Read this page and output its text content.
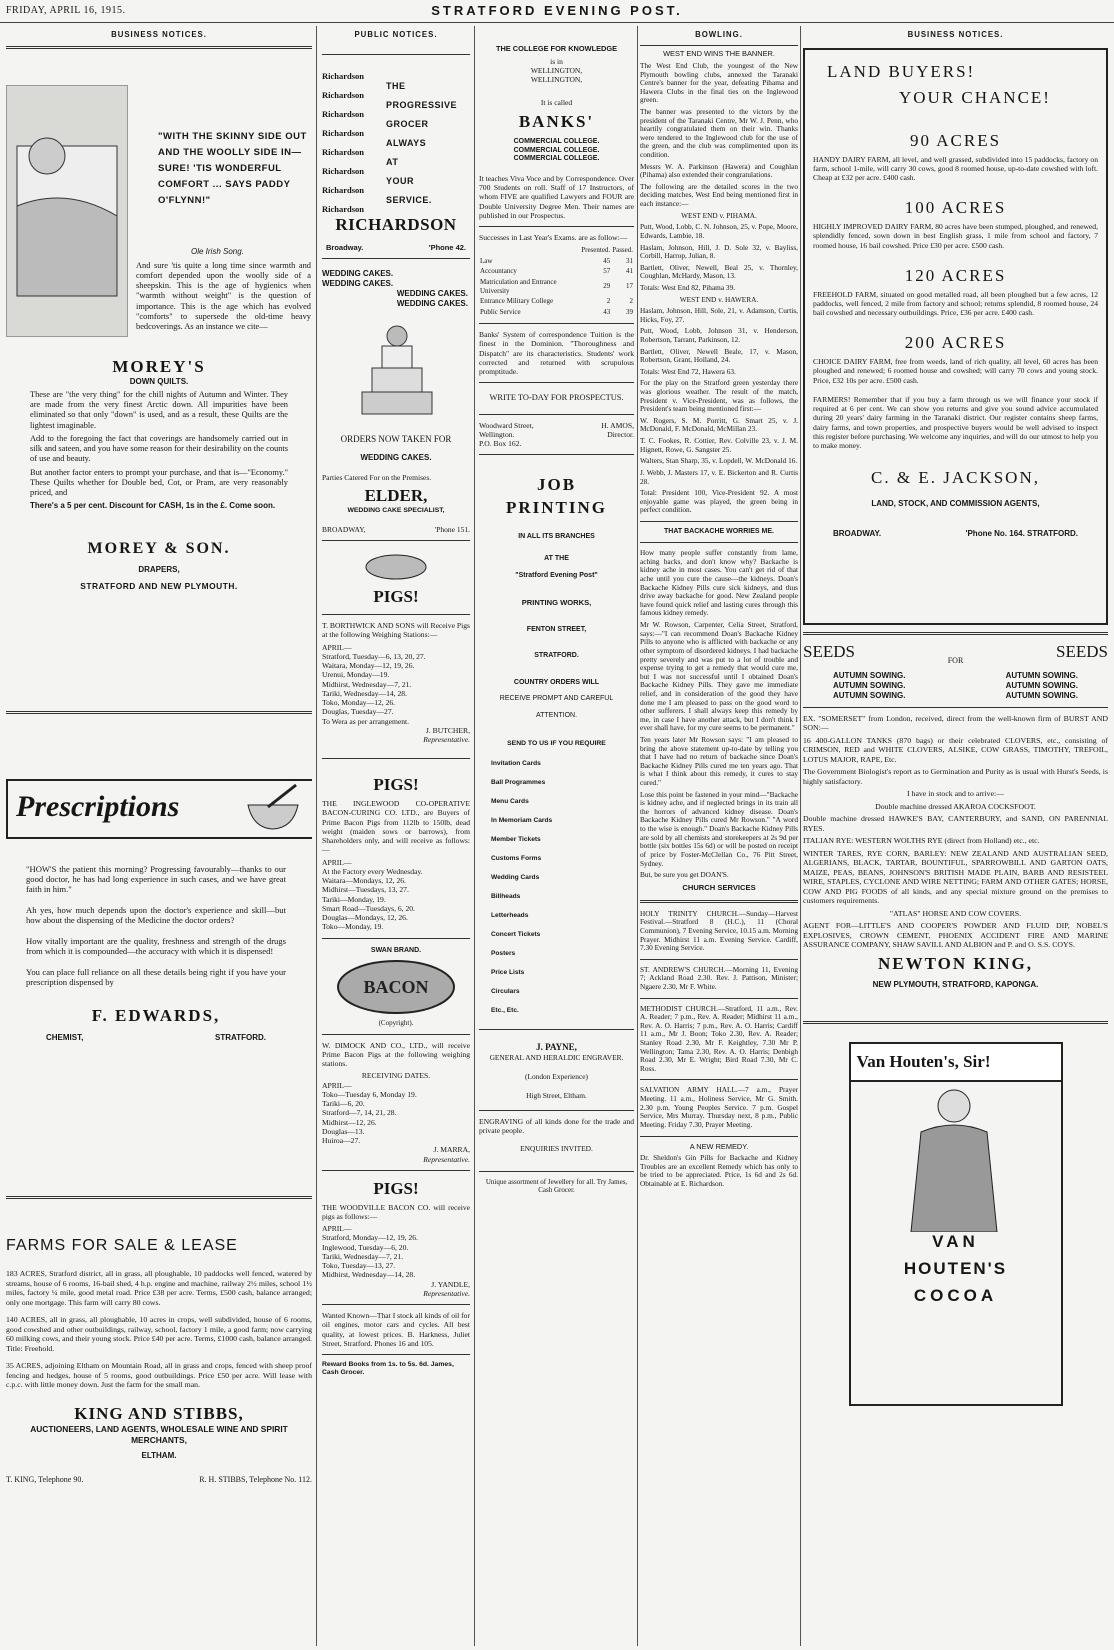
FRIDAY, APRIL 16, 1915.	STRATFORD EVENING POST.
BUSINESS NOTICES.
"WITH THE SKINNY SIDE OUT AND THE WOOLLY SIDE IN—SURE! 'TIS WONDERFUL COMFORT ... SAYS PADDY O'FLYNN!"
Ole Irish Song.

And sure 'tis quite a long time since warmth and comfort depended upon the woolly side of a sheepskin. This is the age of hygienics when "warmth without weight" is the question of importance. This is the age which has evolved "comforts" to supersede the old-time heavy bedcoverings. As an instance we cite—

MOREY'S
DOWN QUILTS.

These are "the very thing" for the chill nights of Autumn and Winter. They are made from the very finest Arctic down. All impurities have been eliminated so that only "down" is used, and as a result, these Quilts are the lightest imaginable.

Add to the foregoing the fact that coverings are handsomely carried out in silk and sateen, and you have some reason for their desirability on the counts of use and beauty.

But another factor enters to prompt your purchase, and that is—"Economy." These Quilts whether for Double bed, Cot, or Pram, are very reasonably priced, and

There's a 5 per cent. Discount for CASH, 1s in the £. Come soon.

MOREY & SON.
DRAPERS,
STRATFORD AND NEW PLYMOUTH.
Prescriptions

"HOW'S the patient this morning? Progressing favourably—thanks to our good doctor, he has had long experience in such cases, and we have great faith in him."

Ah yes, how much depends upon the doctor's experience and skill—but how about the dispensing of the Medicine the doctor orders?

How vitally important are the quality, freshness and strength of the drugs from which it is compounded—the accuracy with which it is dispensed!

You can place full reliance on all these details being right if you have your prescription dispensed by

F. EDWARDS,
CHEMIST,	STRATFORD.
FARMS FOR SALE & LEASE

183 ACRES, Stratford district, all in grass, all ploughable, 10 paddocks well fenced, watered by streams, house of 6 rooms, 16-bail shed, 4 h.p. engine and machine, railway 2½ miles, school 1½ miles, factory ¼ mile, good metal road. Price £38 per acre. Terms, £500 cash, balance arranged; only one mortgage. This farm will carry 80 cows.

140 ACRES, all in grass, all ploughable, 10 acres in crops, well subdivided, house of 6 rooms, good cowshed and other outbuildings, railway, school, factory 1 mile, a good farm; now carrying 60 milking cows, and their young stock. Price £40 per acre. Terms, £1000 cash, balance arranged. Title: Freehold.

35 ACRES, adjoining Eltham on Mountain Road, all in grass and crops, fenced with sheep proof fencing and hedges, house of 5 rooms, good outbuildings. Price £50 per acre. Will lease with c.p.c. with little money down. Just the farm for the small man.

KING AND STIBBS,
AUCTIONEERS, LAND AGENTS, WHOLESALE WINE AND SPIRIT MERCHANTS,
ELTHAM.
T. KING, Telephone 90.	R. H. STIBBS, Telephone No. 112.
PUBLIC NOTICES.
Richardson
Richardson
Richardson
Richardson
Richardson
Richardson
Richardson
Richardson
THE
PROGRESSIVE
GROCER
ALWAYS
AT
YOUR
SERVICE.
RICHARDSON
Broadway.	'Phone 42.
WEDDING CAKES. WEDDING CAKES.
WEDDING CAKES. WEDDING CAKES.
ORDERS NOW TAKEN FOR
WEDDING CAKES.
Parties Catered For on the Premises.
ELDER,
WEDDING CAKE SPECIALIST,
BROADWAY,	'Phone 151.
PIGS!

T. BORTHWICK AND SONS will Receive Pigs at the following Weighing Stations:—

APRIL—
Stratford, Tuesday—6, 13, 20, 27.
Waitara, Monday—12, 19, 26.
Urenui, Monday—19.
Midhirst, Wednesday—7, 21.
Tariki, Wednesday—14, 28.
Toko, Monday—12, 26.
Douglas, Tuesday—27.
To Wera as per arrangement.
J. BUTCHER,
Representative.
PIGS!

THE INGLEWOOD CO-OPERATIVE BACON-CURING CO. LTD., are Buyers of Prime Bacon Pigs from 112lb to 150lb, dead weight (maiden sows or barrows), from Shareholders only, and will receive as follows:—

APRIL—
At the Factory every Wednesday.
Waitara—Mondays, 12, 26.
Midhirst—Tuesdays, 13, 27.
Tariki—Monday, 19.
Smart Road—Tuesdays, 6, 20.
Douglas—Mondays, 12, 26.
Toko—Monday, 19.
SWAN BRAND.
BACON
(Copyright).

W. DIMOCK AND CO., LTD., will receive Prime Bacon Pigs at the following weighing stations.

RECEIVING DATES.
APRIL—
Toko—Tuesday 6, Monday 19.
Tariki—6, 20.
Stratford—7, 14, 21, 28.
Midhirst—12, 26.
Douglas—13.
Huiroa—27.
J. MARRA,
Representative.
PIGS!

THE WOODVILLE BACON CO. will receive pigs as follows:—

APRIL—
Stratford, Monday—12, 19, 26.
Inglewood, Tuesday—6, 20.
Tariki, Wednesday—7, 21.
Toko, Tuesday—13, 27.
Midhirst, Wednesday—14, 28.
J. YANDLE,
Representative.

Wanted Known—That I stock all kinds of oil for oil engines, motor cars and cycles. All best quality, at lowest prices. B. Harkness, Juliet Street, Stratford. Phones 16 and 105.

Reward Books from 1s. to 5s. 6d. James, Cash Grocer.
THE COLLEGE FOR KNOWLEDGE
is in
WELLINGTON,
WELLINGTON,
It is called
BANKS'
COMMERCIAL COLLEGE.
COMMERCIAL COLLEGE.
COMMERCIAL COLLEGE.

It teaches Viva Voce and by Correspondence. Over 700 Students on roll. Staff of 17 Instructors, of whom FIVE are qualified Lawyers and FOUR are Double University Degree Men. Their names are published in our Prospectus.

Successes in Last Year's Exams. are as follow:—

	Presented.	Passed.
Law	45	31
Accountancy	57	41
Matriculation and Entrance University	29	17
Entrance Military College	2	2
Public Service	43	39

Banks' System of correspondence Tuition is the finest in the Dominion. "Thoroughness and Dispatch" are its characteristics. Students' work corrected and returned with scrupulous promptitude.

WRITE TO-DAY FOR PROSPECTUS.
Woodward Street,
Wellington.
P.O. Box 162.
H. AMOS,
Director.
JOB
PRINTING
IN ALL ITS BRANCHES
AT THE
"Stratford Evening Post"
PRINTING WORKS,
FENTON STREET,
STRATFORD.
COUNTRY ORDERS WILL
RECEIVE PROMPT AND CAREFUL
ATTENTION.
SEND TO US IF YOU REQUIRE
Invitation Cards
Ball Programmes
Menu Cards
In Memoriam Cards
Member Tickets
Customs Forms
Wedding Cards
Billheads
Letterheads
Concert Tickets
Posters
Price Lists
Circulars
Etc., Etc.
J. PAYNE,
GENERAL AND HERALDIC ENGRAVER.
(London Experience)
High Street, Eltham.

ENGRAVING of all kinds done for the trade and private people.

ENQUIRIES INVITED.
Unique assortment of Jewellery for all. Try James, Cash Grocer.
BOWLING.
WEST END WINS THE BANNER.

The West End Club, the youngest of the New Plymouth bowling clubs, annexed the Taranaki Centre's banner for the year, defeating Pihama and Hawera Clubs in the final ties on the Inglewood green.

The banner was presented to the victors by the president of the Taranaki Centre, Mr W. J. Penn, who heartily congratulated them on their win. Thanks were tendered to the Inglewood club for the use of the green, and the club was complimented upon its condition.

Messrs W. A. Parkinson (Hawera) and Coughlan (Pihama) also extended their congratulations.

The following are the detailed scores in the two deciding matches, West End being mentioned first in each instance:—

WEST END v. PIHAMA.

Putt, Wood, Lobb, C. N. Johnson, 25, v. Pope, Moore, Edwards, Lambie, 18.

Haslam, Johnson, Hill, J. D. Sole 32, v. Bayliss, Corbill, Harrop, Julian, 8.

Bartlett, Oliver, Newell, Beal 25, v. Thornley, Coughlan, McHardy, Mason, 13.

Totals: West End 82, Pihama 39.

WEST END v. HAWERA.

Haslam, Johnson, Hill, Sole, 21, v. Adamson, Curtis, Hicks, Foy, 27.

Putt, Wood, Lobb, Johnson 31, v. Henderson, Robertson, Tarrant, Parkinson, 12.

Bartlett, Oliver, Newell Beale, 17, v. Mason, Robertson, Grant, Holland, 24.

Totals: West End 72, Hawera 63.

For the play on the Stratford green yesterday there was glorious weather. The result of the match, President v. Vice-President, was as follows, the President's team being mentioned first:—

W. Rogers, S. M. Porritt, G. Smart 25, v. J. McDonald, F. McDonald, McMillan 23.

T. C. Fookes, R. Cottier, Rev. Colville 23, v. J. M. Hignett, Rowe, G. Sangster 25.

Walters, Stan Sharp, 35, v. Lopdell, W. McDonald 16.

J. Webb, J. Masters 17, v. E. Bickerton and R. Curtis 28.

Total: President 100, Vice-President 92. A most enjoyable game was played, the green being in perfect condition.

THAT BACKACHE WORRIES ME.

How many people suffer constantly from lame, aching backs, and don't know why? Backache is kidney ache in most cases. You can't get rid of that ache until you cure the cause—the kidneys. Doan's Backache Kidney Pills cure sick kidneys, and thus drive away backache for good. New Zealand people have found quick relief and lasting cures through this famous kidney remedy.

Mr W. Rowson, Carpenter, Celia Street, Stratford, says:—"I can recommend Doan's Backache Kidney Pills to anyone who is afflicted with backache or any other symptom of disordered kidneys. I had backache pretty severely and was put to a lot of trouble and expense trying to get a remedy that would cure me, but I was not successful until I obtained Doan's Backache Kidney Pills. They gave me immediate relief, and in consideration of the good they have done me I am pleased to pass on the good word to other sufferers. I shall always keep this remedy by me, in case I have another attack, but I don't think I ever shall have, for my cure seems to be permanent."

Ten years later Mr Rowson says: "I am pleased to bring the above statement up-to-date by telling you that I have had no return of backache since Doan's Backache Kidney Pills cured me ten years ago. That is what I think about this remedy, it cures to stay cured."

Lose this point be fastened in your mind—"Backache is kidney ache, and if neglected brings in its train all the horrors of advanced kidney disease. Doan's Backache Kidney Pills cured Mr Rowson." "A word to the wise is enough." Doan's Backache Kidney Pills are sold by all chemists and storekeepers at 2s 9d per bottle (six bottles 15s 6d) or will be posted on receipt of price by Foster-McClellan Co., 76 Pitt Street, Sydney.

But, be sure you get DOAN'S.

CHURCH SERVICES

HOLY TRINITY CHURCH.—Sunday—Harvest Festival.—Stratford 8 (H.C.), 11 (Choral Communion), 7 Evening Service, 10.15 a.m. Morning Prayer. Midhirst 11 a.m. Evening Service. Cardiff, 7.30 Evening Service.

ST. ANDREW'S CHURCH.—Morning 11, Evening 7; Ackland Road 2.30. Rev. J. Pattison, Minister; Ngaere 2.30, Mr F. White.

METHODIST CHURCH.—Stratford, 11 a.m., Rev. A. Reader; 7 p.m., Rev. A. Reader; Midhirst 11 a.m., Rev. A. O. Harris; 7 p.m., Rev. A. O. Harris; Cardiff 11 a.m., Mr J. Boon; Toko 2.30, Rev. A. Reader; Stanley Road 2.30, Mr F. Keightley, 7.30 Mr P. Wellington; Tama 2.30, Rev. A. O. Harris; Denbigh Road 2.30, Mr E. Wright; Bird Road 7.30, Mr C. Ross.

SALVATION ARMY HALL.—7 a.m., Prayer Meeting. 11 a.m., Holiness Service, Mr G. Smith. 2.30 p.m. Young Peoples Service. 7 p.m. Gospel Service, Mrs Murray. Thursday next, 8 p.m., Public Meeting. Friday 7.30, Prayer Meeting.

A NEW REMEDY.

Dr. Sheldon's Gin Pills for Backache and Kidney Troubles are an excellent Remedy which has only to be tried to be appreciated. Price, 1s 6d and 2s 6d. Obtainable at E. Richardson.

BUSINESS NOTICES.
LAND BUYERS!
YOUR CHANCE!
90 ACRES

HANDY DAIRY FARM, all level, and well grassed, subdivided into 15 paddocks, factory on farm, school 1-mile, will carry 30 cows, good 8 roomed house, up-to-date cowshed with loft. Cheap at £32 per acre. £400 cash.

100 ACRES

HIGHLY IMPROVED DAIRY FARM, 80 acres have been stumped, ploughed, and renewed, splendidly fenced, sown down in best English grass, 1 mile from school and factory, 7 roomed house, 16 bail cowshed. Price £30 per acre. £500 cash.

120 ACRES

FREEHOLD FARM, situated on good metalled road, all been ploughed but a few acres, 12 paddocks, well fenced, 2 mile from factory and school; returns splendid, 8 roomed house, 24 bail cowshed and necessary outbuildings. Price, £36 per acre. £400 cash.

200 ACRES

CHOICE DAIRY FARM, free from weeds, land of rich quality, all level, 60 acres has been ploughed and renewed; 6 roomed house and cowshed; will carry 70 cows and young stock. Price, £32 10s per acre. £500 cash.

FARMERS! Remember that if you buy a farm through us we will finance your stock if required at 6 per cent. We can show you returns and give you sound advice accumulated during 20 years' dairy farming in the Taranaki district. Our register contains sheep farms, dairy farms, and town properties, and prospective buyers would be well advised to inspect this register before purchasing. We welcome any inquiries, and will do our utmost to help you to make money.

C. & E. JACKSON,
LAND, STOCK, AND COMMISSION AGENTS,
BROADWAY.	'Phone No. 164. STRATFORD.
SEEDS	FOR	SEEDS
AUTUMN SOWING.
AUTUMN SOWING.
AUTUMN SOWING.
AUTUMN SOWING.
AUTUMN SOWING.
AUTUMN SOWING.

EX. "SOMERSET" from London, received, direct from the well-known firm of BURST AND SON:—

16 400-GALLON TANKS (870 bags) or their celebrated CLOVERS, etc., consisting of CRIMSON, RED and WHITE CLOVERS, ALSIKE, COW GRASS, TIMOTHY, TREFOIL, LOTUS MAJOR, RAPE, Etc.

The Government Biologist's report as to Germination and Purity as is usual with Hurst's Seeds, is highly satisfactory.

I have in stock and to arrive:—

Double machine dressed AKAROA COCKSFOOT.

Double machine dressed HAWKE'S BAY, CANTERBURY, and SAND, ON PARENNIAL RYES.

ITALIAN RYE: WESTERN WOLTHS RYE (direct from Holland) etc., etc.

WINTER TARES, RYE CORN, BARLEY: NEW ZEALAND AND AUSTRALIAN SEED, ALGERIANS, BLACK, TARTAR, BOUNTIFUL, SPARROWBILL AND GARTON OATS, MAIZE, PEAS, BEANS, JOHNSON'S BRITISH MADE PLAIN, BARB AND RESISTEEL WIRE, STAPLES, CYCLONE AND WIRE NETTING; FARM AND OTHER GATES; HORSE, COW AND PIG FOODS of all kinds, and any special mixture ground on the premises to customers requirements.

"ATLAS" HORSE AND COW COVERS.

AGENT FOR—LITTLE'S AND COOPER'S POWDER AND FLUID DIP, NOBEL'S EXPLOSIVES, CROWN CEMENT, PHOENIX ACCIDENT FIRE AND MARINE ASSURANCE COMPANY, SHAW SAVILL AND ALBION and P. and O. S.S. COYS.

NEWTON KING,
NEW PLYMOUTH, STRATFORD, KAPONGA.
Van Houten's, Sir!
VAN
HOUTEN'S
COCOA
